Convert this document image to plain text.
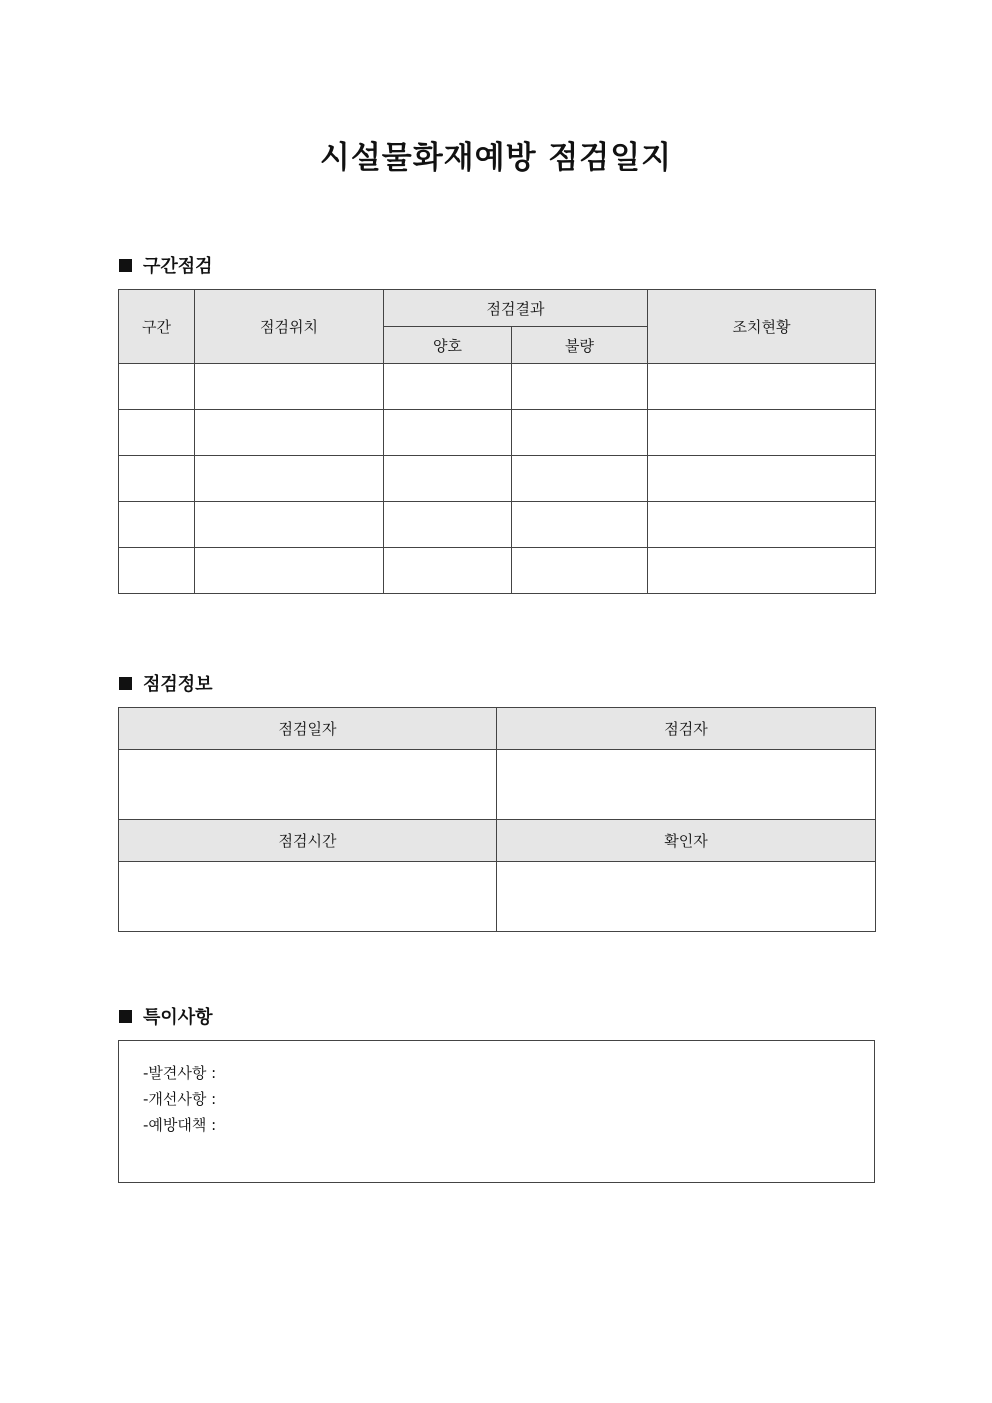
시설물화재예방 점검일지
구간점검
구간	점검위치	점검결과		조치현황
		양호	불량	

점검정보
점검일자	점검자

점검시간	확인자

특이사항
-발견사항 :
-개선사항 :
-예방대책 :
